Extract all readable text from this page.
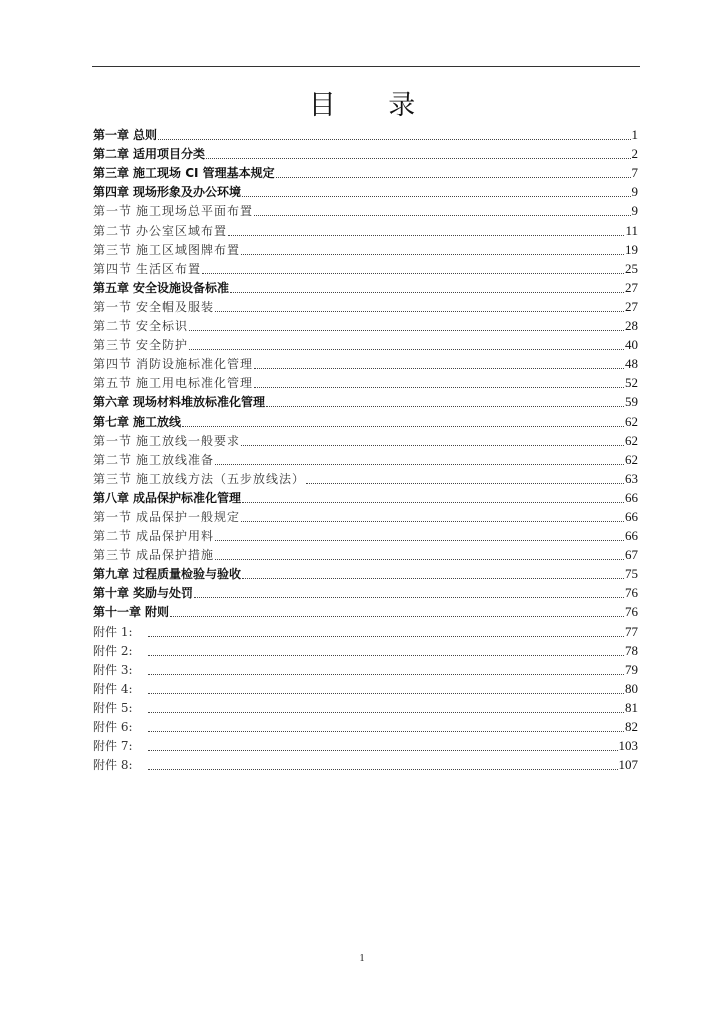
目 录
第一章 总则	1
第二章 适用项目分类	2
第三章 施工现场 CI 管理基本规定	7
第四章 现场形象及办公环境	9
第一节 施工现场总平面布置	9
第二节 办公室区域布置	11
第三节 施工区域图牌布置	19
第四节 生活区布置	25
第五章 安全设施设备标准	27
第一节 安全帽及服装	27
第二节 安全标识	28
第三节 安全防护	40
第四节 消防设施标准化管理	48
第五节 施工用电标准化管理	52
第六章 现场材料堆放标准化管理	59
第七章 施工放线	62
第一节 施工放线一般要求	62
第二节 施工放线准备	62
第三节 施工放线方法（五步放线法）	63
第八章 成品保护标准化管理	66
第一节 成品保护一般规定	66
第二节 成品保护用料	66
第三节 成品保护措施	67
第九章 过程质量检验与验收	75
第十章 奖励与处罚	76
第十一章 附则	76
附件 1:	77
附件 2:	78
附件 3:	79
附件 4:	80
附件 5:	81
附件 6:	82
附件 7:	103
附件 8:	107
1
